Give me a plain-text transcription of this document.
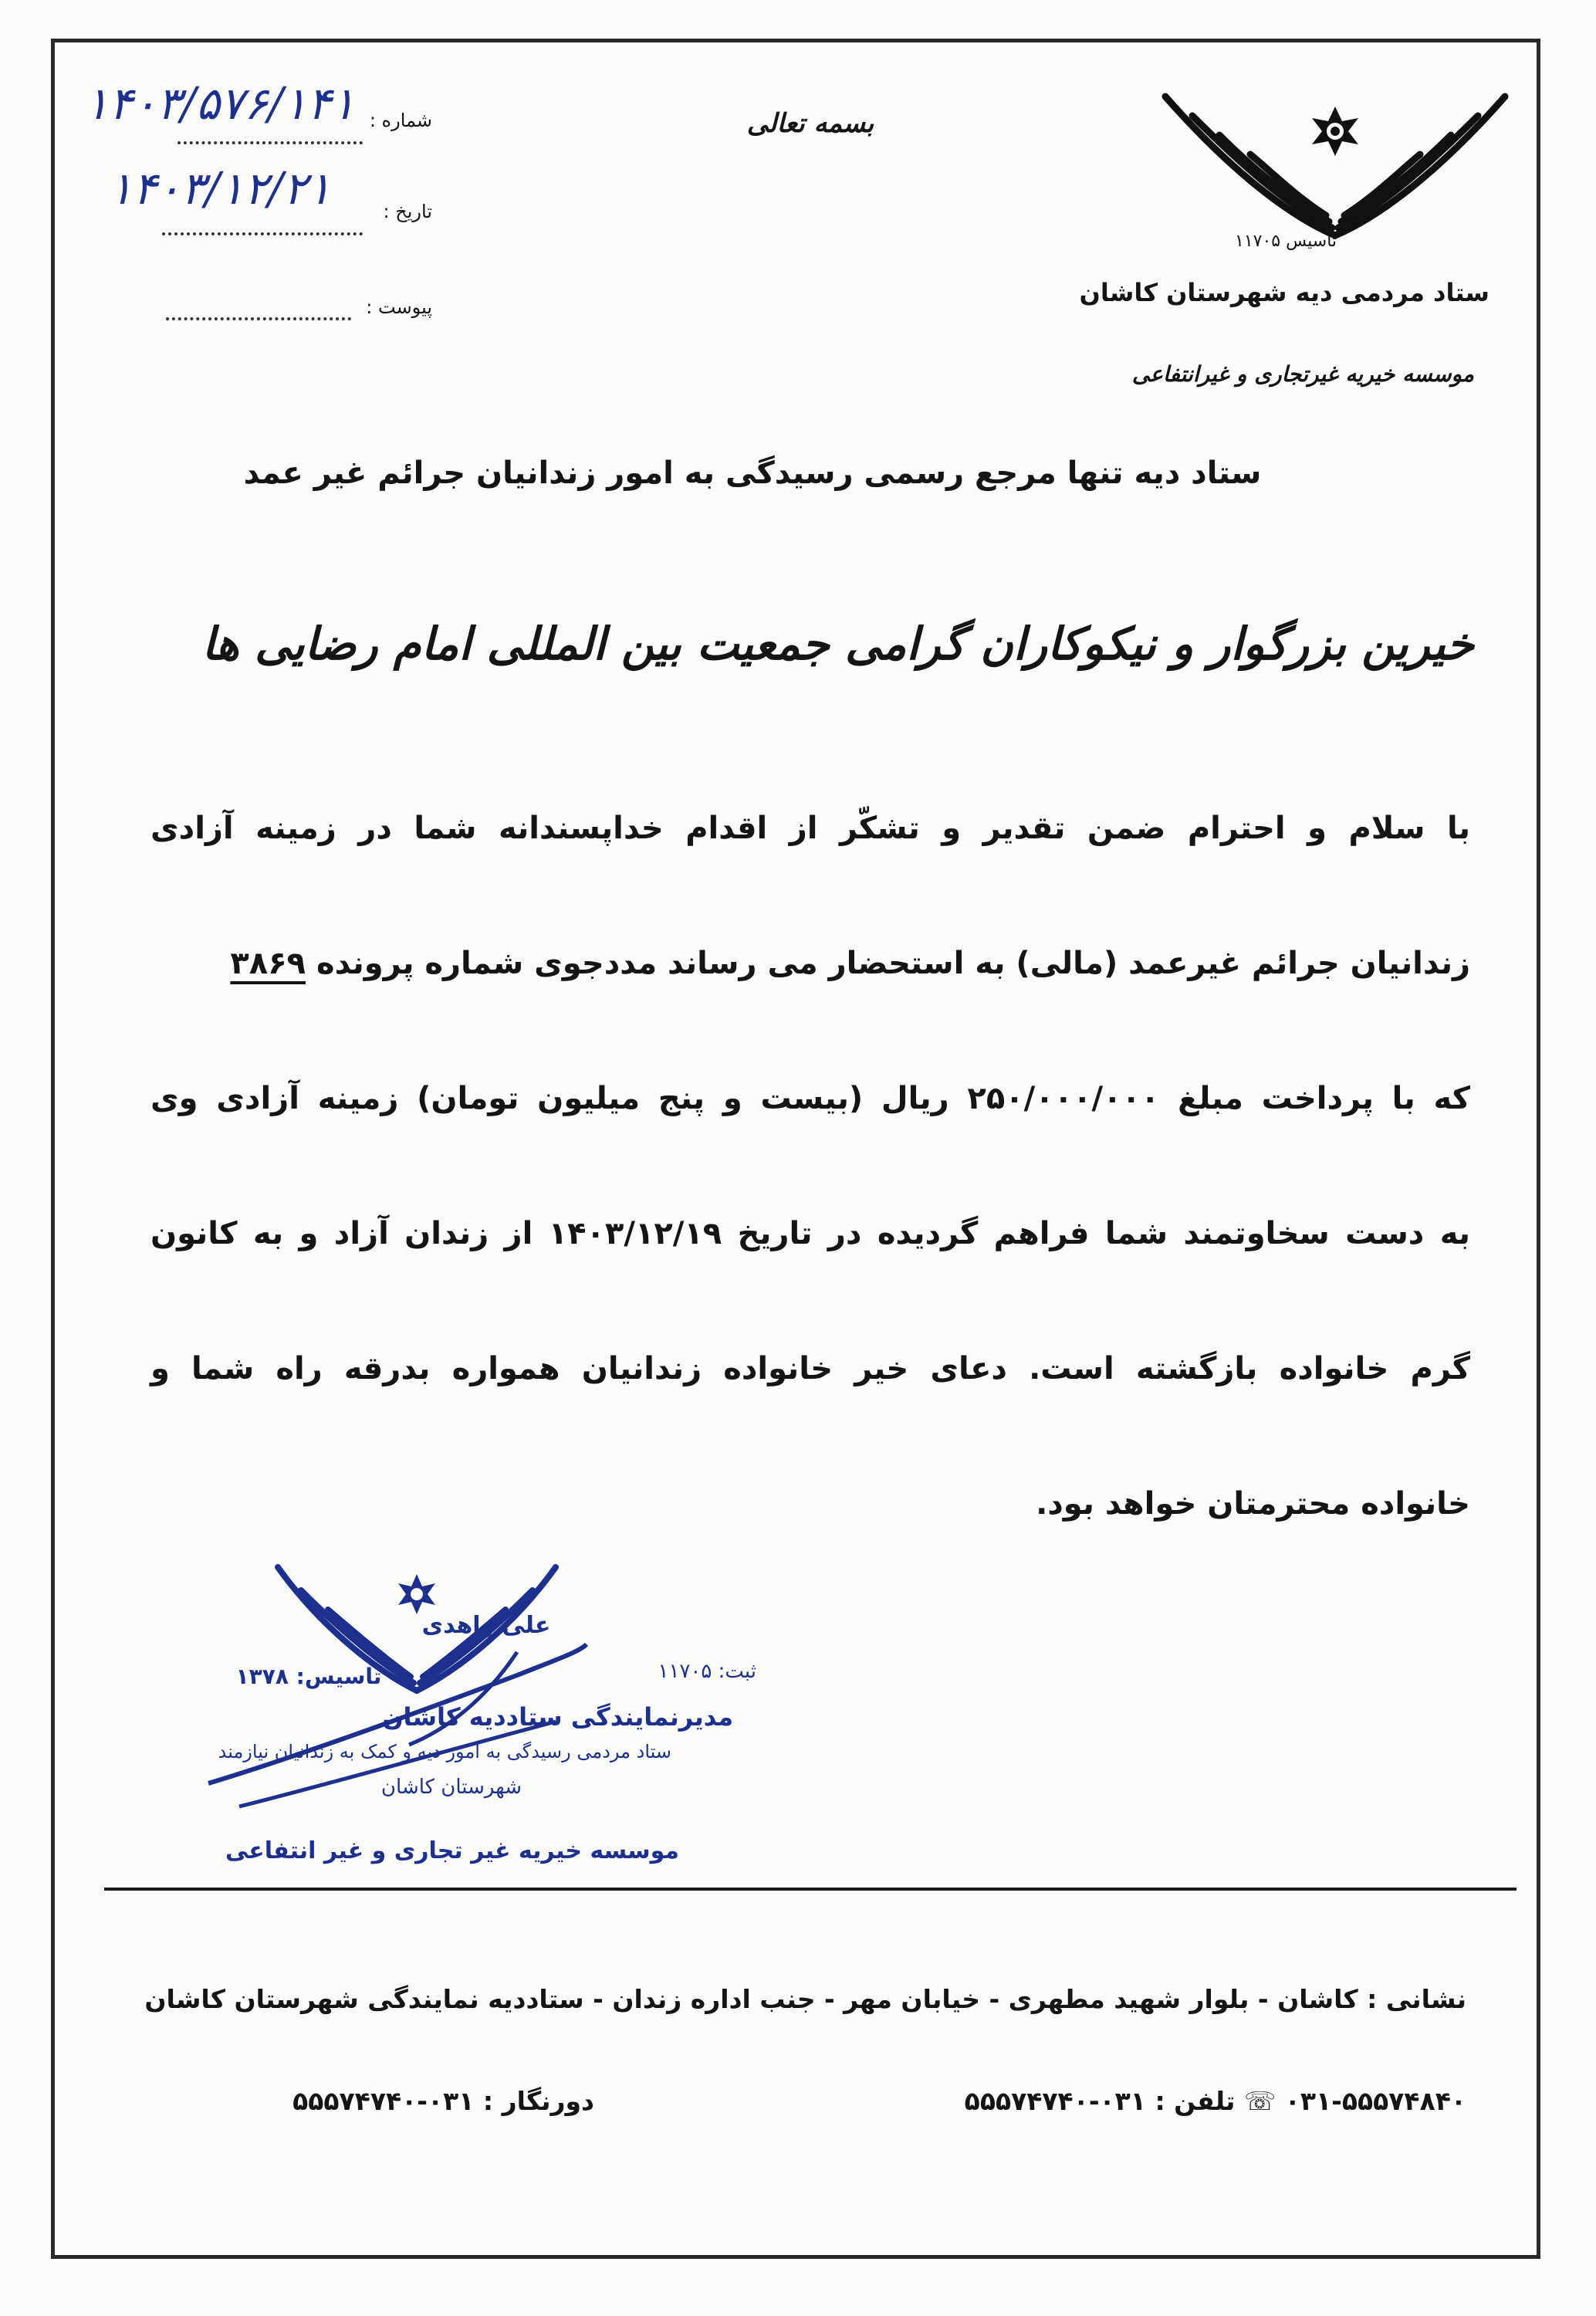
تاسیس ۱۱۷۰۵
ستاد مردمی دیه شهرستان کاشان
موسسه خیریه غیرتجاری و غیرانتفاعی
بسمه تعالی
شماره :
۱۴۰۳/۵۷۶/۱۴۱
تاریخ :
۱۴۰۳/۱۲/۲۱
پیوست :
ستاد دیه تنها مرجع رسمی رسیدگی به امور زندانیان جرائم غیر عمد
خیرین بزرگوار و نیکوکاران گرامی جمعیت بین المللی امام رضایی ها
با سلام و احترام ضمن تقدیر و تشکّر از اقدام خداپسندانه شما در زمینه آزادی
زندانیان جرائم غیرعمد (مالی) به استحضار می رساند مددجوی شماره پرونده ۳۸۶۹
که با پرداخت مبلغ ۲۵۰/۰۰۰/۰۰۰ ریال (بیست و پنج میلیون تومان) زمینه آزادی وی
به دست سخاوتمند شما فراهم گردیده در تاریخ ۱۴۰۳/۱۲/۱۹ از زندان آزاد و به کانون
گرم خانواده بازگشته است. دعای خیر خانواده زندانیان همواره بدرقه راه شما و
خانواده محترمتان خواهد بود.
علی زاهدی
ثبت: ۱۱۷۰۵
تاسیس: ۱۳۷۸
مدیرنمایندگی ستاددیه کاشان
ستاد مردمی رسیدگی به امور دیه و کمک به زندانیان نیازمند
شهرستان کاشان
موسسه خیریه غیر تجاری و غیر انتفاعی
نشانی : کاشان - بلوار شهید مطهری - خیابان مهر - جنب اداره زندان - ستاددیه نمایندگی شهرستان کاشان
۰۳۱-۵۵۵۷۴۸۴۰ ☏ تلفن : ۰۳۱-۵۵۵۷۴۷۴۰
دورنگار : ۰۳۱-۵۵۵۷۴۷۴۰
